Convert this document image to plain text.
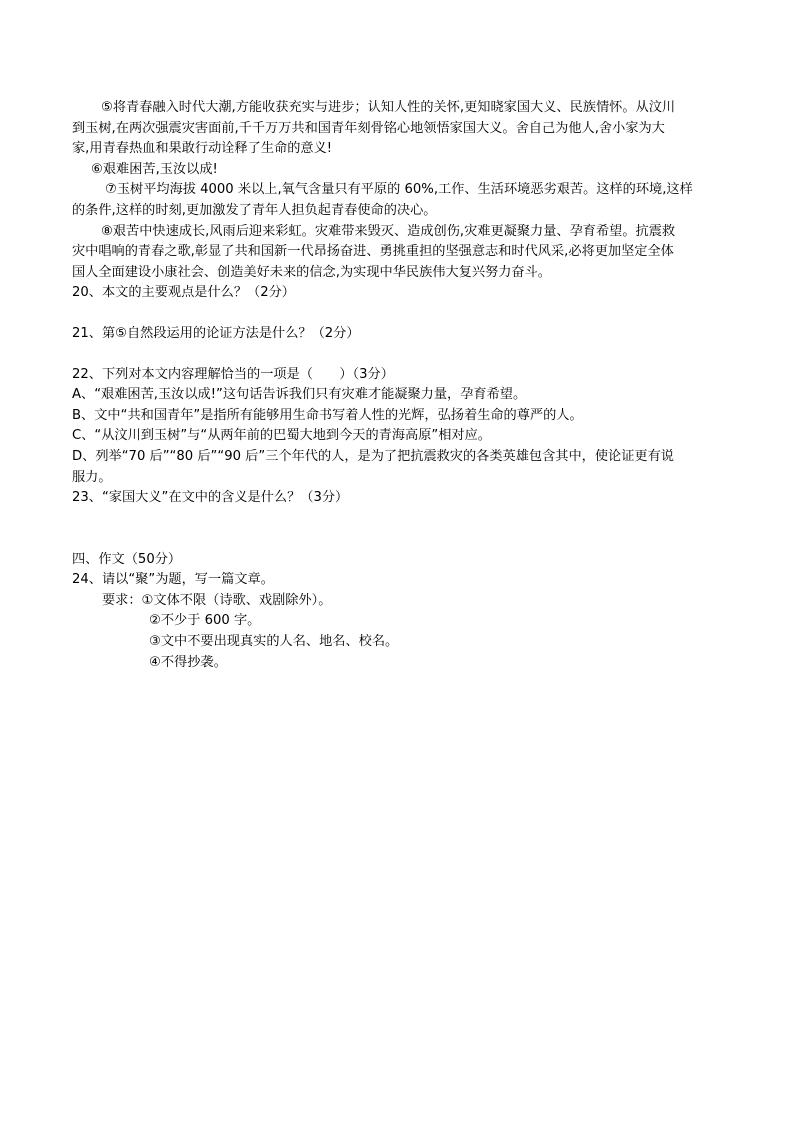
⑤将青春融入时代大潮,方能收获充实与进步；认知人性的关怀,更知晓家国大义、民族情怀。从汶川
到玉树,在两次强震灾害面前,千千万万共和国青年刻骨铭心地领悟家国大义。舍自己为他人,舍小家为大
家,用青春热血和果敢行动诠释了生命的意义!
⑥艰难困苦,玉汝以成!
⑦玉树平均海拔 4000 米以上,氧气含量只有平原的 60%,工作、生活环境恶劣艰苦。这样的环境,这样
的条件,这样的时刻,更加激发了青年人担负起青春使命的决心。
⑧艰苦中快速成长,风雨后迎来彩虹。灾难带来毁灭、造成创伤,灾难更凝聚力量、孕育希望。抗震救
灾中唱响的青春之歌,彰显了共和国新一代昂扬奋进、勇挑重担的坚强意志和时代风采,必将更加坚定全体
国人全面建设小康社会、创造美好未来的信念,为实现中华民族伟大复兴努力奋斗。
20、本文的主要观点是什么？（2分）
21、第⑤自然段运用的论证方法是什么？（2分）
22、下列对本文内容理解恰当的一项是（　　）（3分）
A、“艰难困苦,玉汝以成!”这句话告诉我们只有灾难才能凝聚力量，孕育希望。
B、文中“共和国青年”是指所有能够用生命书写着人性的光辉，弘扬着生命的尊严的人。
C、“从汶川到玉树”与“从两年前的巴蜀大地到今天的青海高原”相对应。
D、列举“70 后”“80 后”“90 后”三个年代的人，是为了把抗震救灾的各类英雄包含其中，使论证更有说
服力。
23、“家国大义”在文中的含义是什么？（3分）
四、作文（50分）
24、请以“聚”为题，写一篇文章。
要求：①文体不限（诗歌、戏剧除外）。
②不少于 600 字。
③文中不要出现真实的人名、地名、校名。
④不得抄袭。
